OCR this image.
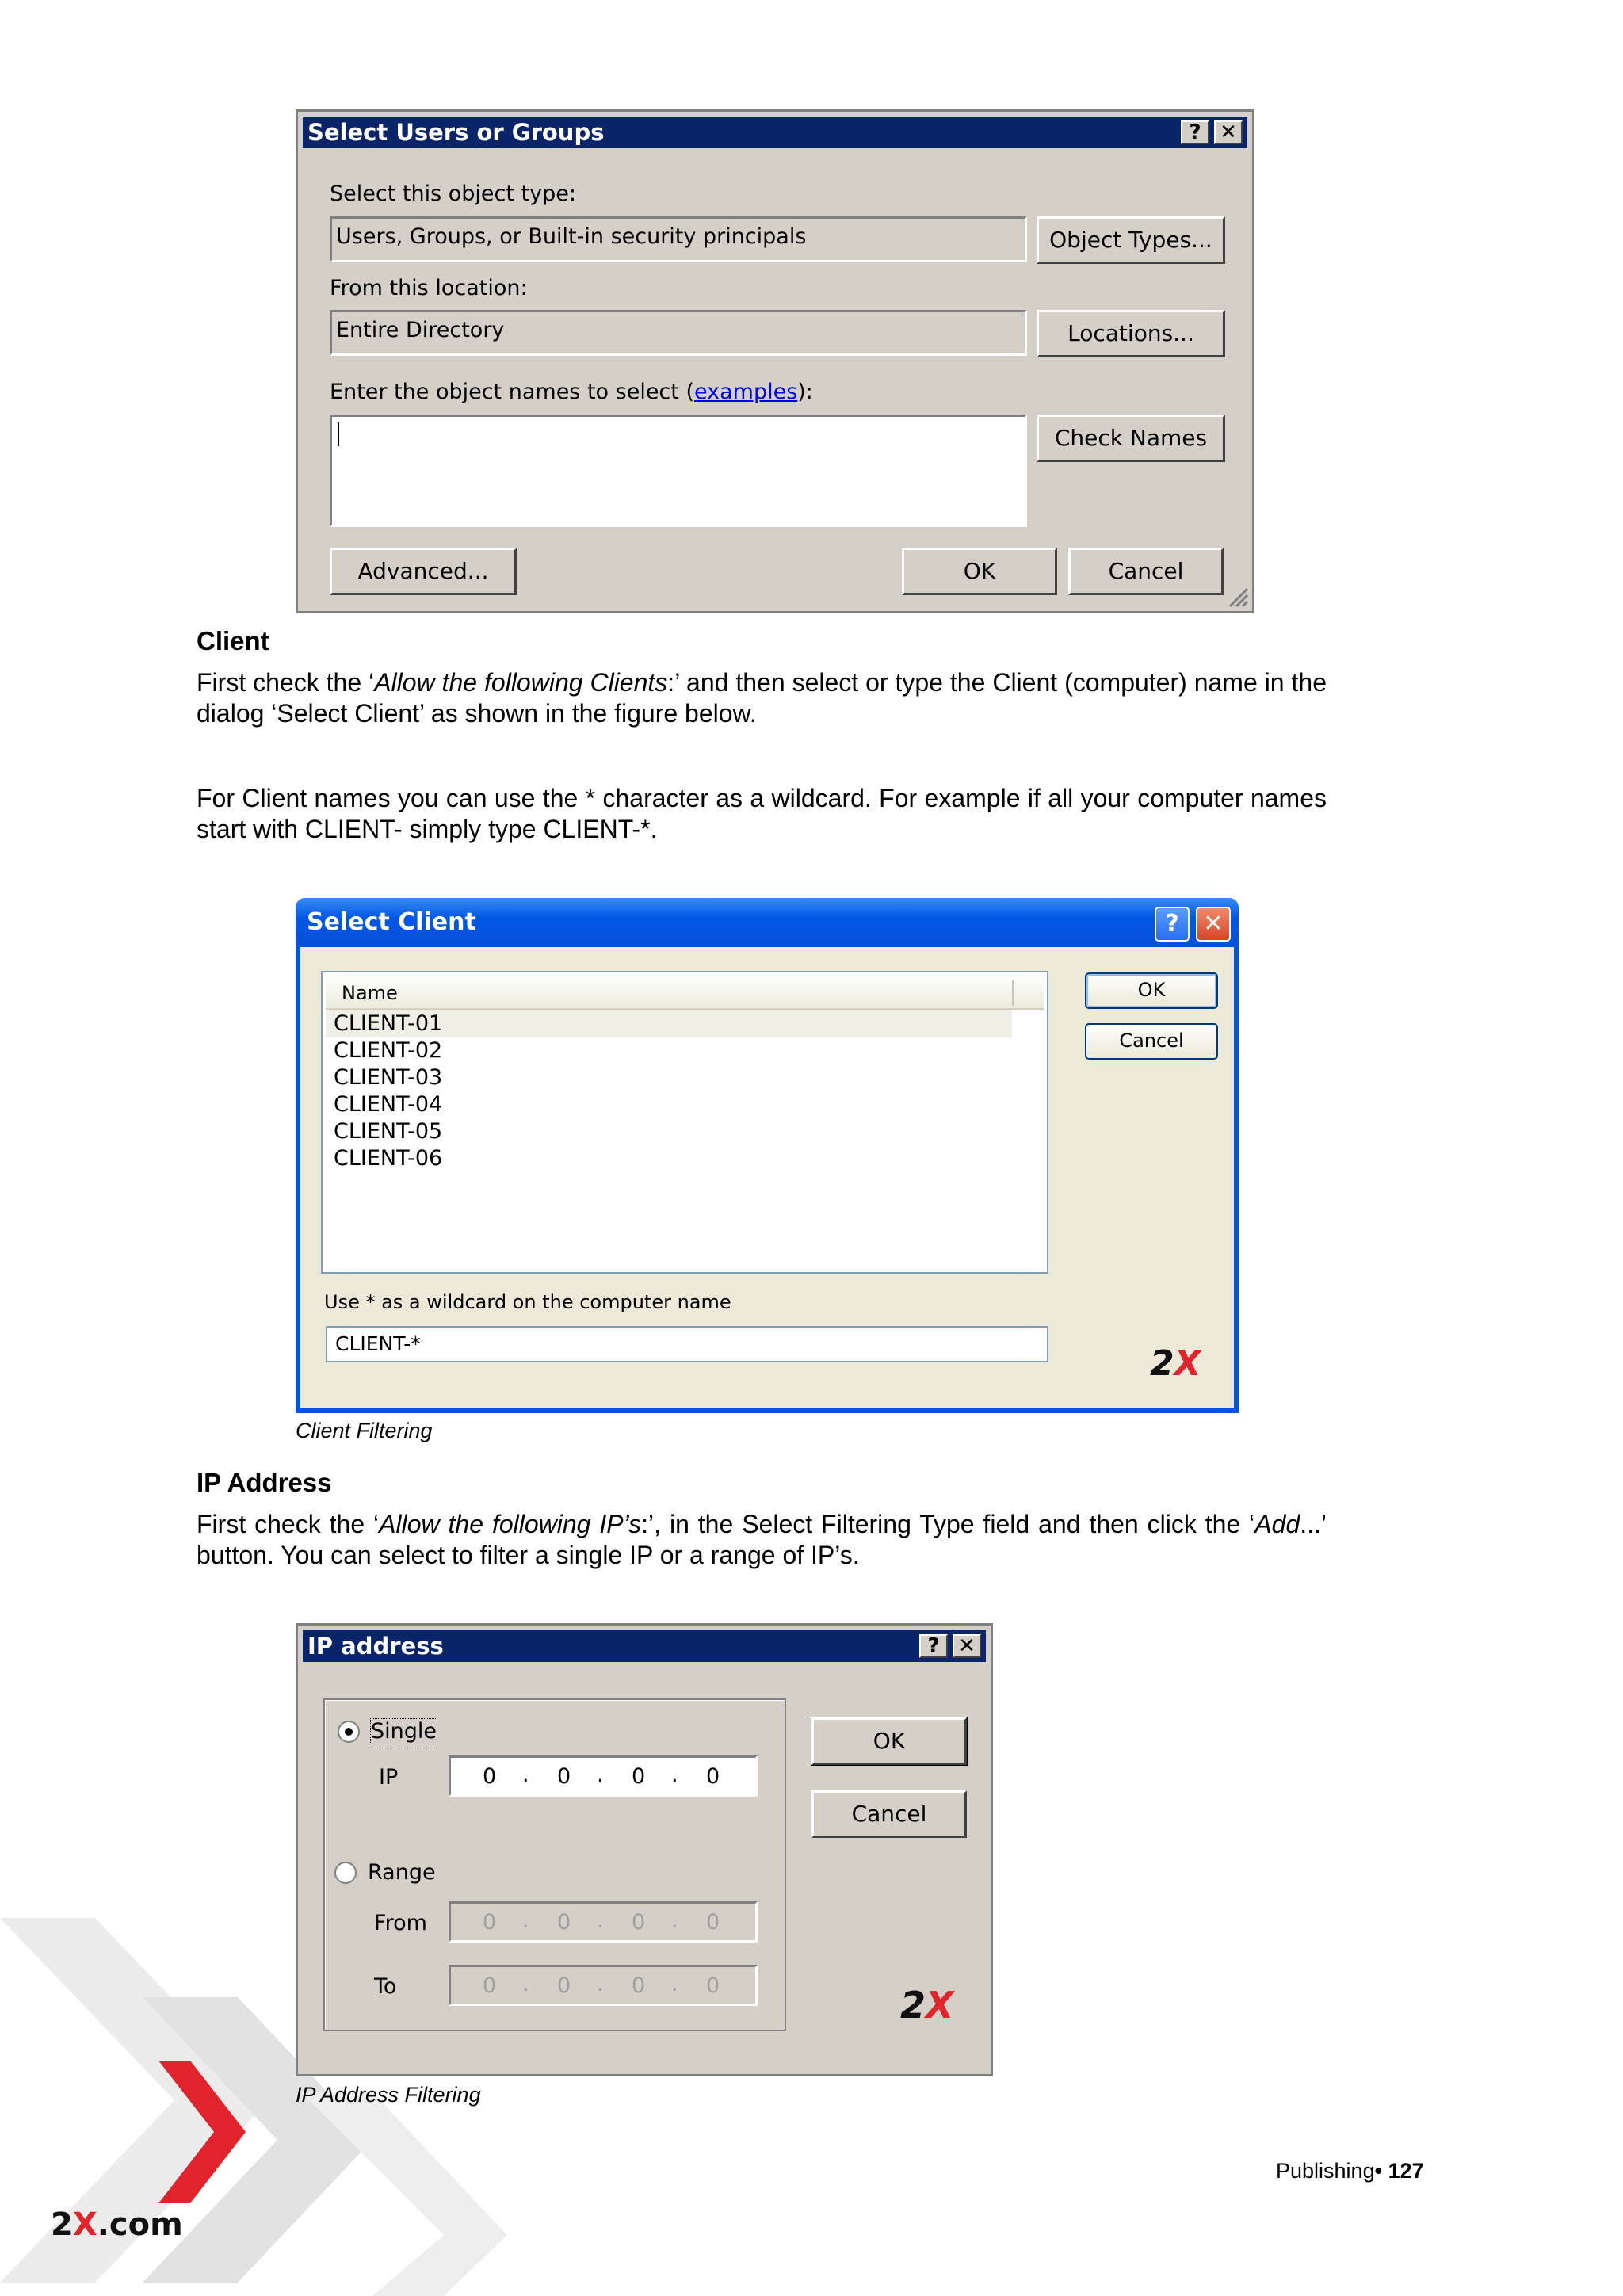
Select Users or Groups	? ✕
Select this object type:
Users, Groups, or Built-in security principals	Object Types...
From this location:
Entire Directory	Locations...
Enter the object names to select (examples):
Check Names
Advanced...	OK	Cancel
Client
First check the ‘Allow the following Clients:’ and then select or type the Client (computer) name in the dialog ‘Select Client’ as shown in the figure below.
For Client names you can use the * character as a wildcard. For example if all your computer names start with CLIENT- simply type CLIENT-*.
Select Client	?	✕
Name
CLIENT-01
CLIENT-02
CLIENT-03
CLIENT-04
CLIENT-05
CLIENT-06
OK
Cancel
Use * as a wildcard on the computer name
CLIENT-*	2X
Client Filtering
IP Address
First check the ‘Allow the following IP’s:’, in the Select Filtering Type field and then click the ‘Add...’ button. You can select to filter a single IP or a range of IP’s.
IP address	? ✕
Single
IP	0 . 0 . 0 . 0
Range
From	0 . 0 . 0 . 0
To	0 . 0 . 0 . 0
OK
Cancel
2X
IP Address Filtering
Publishing• 127
2X.com
